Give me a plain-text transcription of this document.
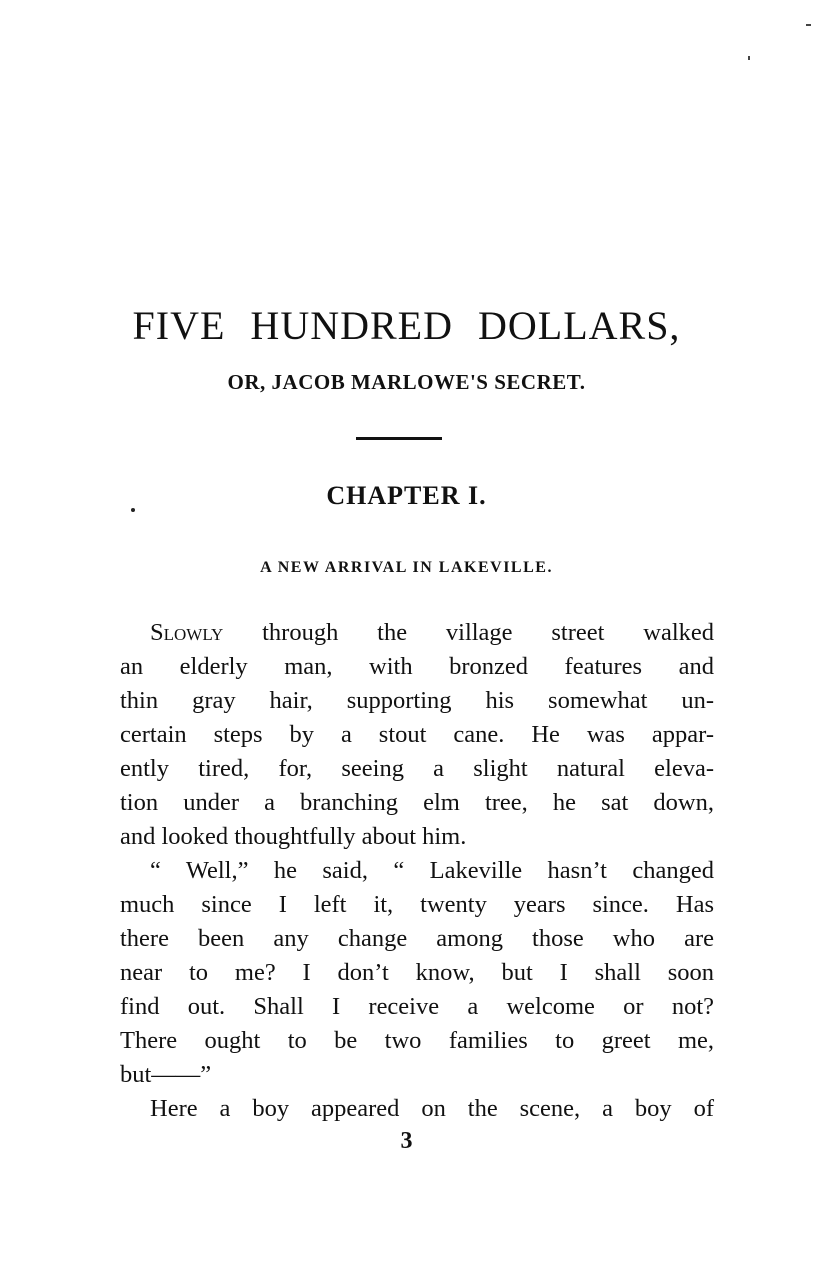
FIVE HUNDRED DOLLARS,
OR, JACOB MARLOWE'S SECRET.
CHAPTER I.
A NEW ARRIVAL IN LAKEVILLE.
Slowly through the village street walked
an elderly man, with bronzed features and
thin gray hair, supporting his somewhat un-
certain steps by a stout cane. He was appar-
ently tired, for, seeing a slight natural eleva-
tion under a branching elm tree, he sat down,
and looked thoughtfully about him.
“ Well,” he said, “ Lakeville hasn’t changed
much since I left it, twenty years since. Has
there been any change among those who are
near to me? I don’t know, but I shall soon
find out. Shall I receive a welcome or not?
There ought to be two families to greet me,
but——”
Here a boy appeared on the scene, a boy of
3
